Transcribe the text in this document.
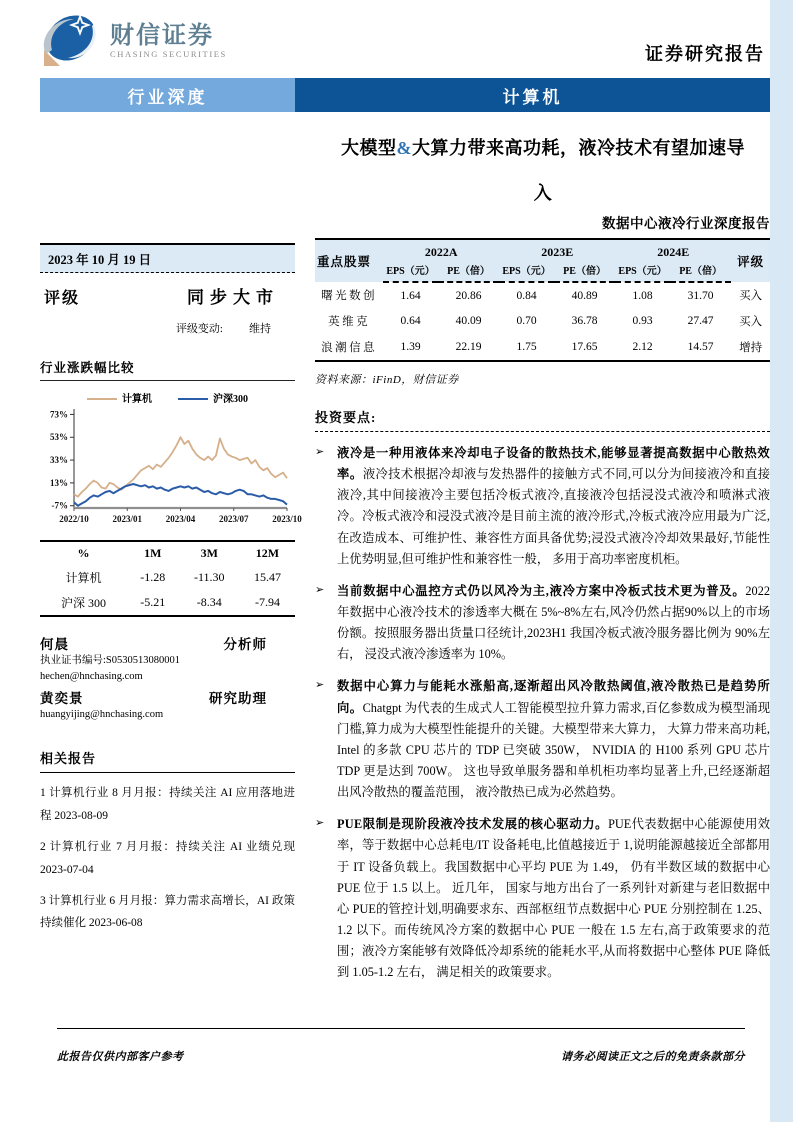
财信证券
CHASING SECURITIES	证券研究报告
行业深度	计算机
大模型&大算力带来高功耗，液冷技术有望加速导
入
数据中心液冷行业深度报告
2023 年 10 月 19 日
评级	同步大市
评级变动: 维持
行业涨跌幅比较
计算机	沪深300
-7%
13%
33%
53%
73%
2022/10	2023/01	2023/04	2023/07	2023/10
%	1M	3M	12M
计算机	-1.28	-11.30	15.47
沪深 300	-5.21	-8.34	-7.94
何晨	分析师
执业证书编号:S0530513080001
hechen@hnchasing.com
黄奕景	研究助理
huangyijing@hnchasing.com
相关报告
1 计算机行业 8 月月报：持续关注 AI 应用落地进程 2023-08-09
2 计算机行业 7 月月报：持续关注 AI 业绩兑现 2023-07-04
3 计算机行业 6 月月报：算力需求高增长，AI 政策持续催化 2023-06-08
重点股票	2022A		2023E		2024E		评级
	EPS（元）	PE（倍）	EPS（元）	PE（倍）	EPS（元）	PE（倍）	
曙光数创	1.64	20.86	0.84	40.89	1.08	31.70	买入
英维克	0.64	40.09	0.70	36.78	0.93	27.47	买入
浪潮信息	1.39	22.19	1.75	17.65	2.12	14.57	增持
资料来源：iFinD，财信证券
投资要点:
➢ 液冷是一种用液体来冷却电子设备的散热技术,能够显著提高数据中心散热效率。液冷技术根据冷却液与发热器件的接触方式不同,可以分为间接液冷和直接液冷,其中间接液冷主要包括冷板式液冷,直接液冷包括浸没式液冷和喷淋式液冷。冷板式液冷和浸没式液冷是目前主流的液冷形式,冷板式液冷应用最为广泛,在改造成本、可维护性、兼容性方面具备优势;浸没式液冷冷却效果最好,节能性上优势明显,但可维护性和兼容性一般， 多用于高功率密度机柜。
➢ 当前数据中心温控方式仍以风冷为主,液冷方案中冷板式技术更为普及。2022 年数据中心液冷技术的渗透率大概在 5%~8%左右,风冷仍然占据90%以上的市场份额。按照服务器出货量口径统计,2023H1 我国冷板式液冷服务器比例为 90%左右， 浸没式液冷渗透率为 10%。
➢ 数据中心算力与能耗水涨船高,逐渐超出风冷散热阈值,液冷散热已是趋势所向。Chatgpt 为代表的生成式人工智能模型拉升算力需求,百亿参数成为模型涌现门槛,算力成为大模型性能提升的关键。大模型带来大算力， 大算力带来高功耗, Intel 的多款 CPU 芯片的 TDP 已突破 350W， NVIDIA 的 H100 系列 GPU 芯片 TDP 更是达到 700W。 这也导致单服务器和单机柜功率均显著上升,已经逐渐超出风冷散热的覆盖范围， 液冷散热已成为必然趋势。
➢ PUE限制是现阶段液冷技术发展的核心驱动力。PUE代表数据中心能源使用效率，等于数据中心总耗电/IT 设备耗电,比值越接近于 1,说明能源越接近全部都用于 IT 设备负载上。我国数据中心平均 PUE 为 1.49， 仍有半数区域的数据中心 PUE 位于 1.5 以上。 近几年， 国家与地方出台了一系列针对新建与老旧数据中心 PUE的管控计划,明确要求东、西部枢纽节点数据中心 PUE 分别控制在 1.25、1.2 以下。而传统风冷方案的数据中心 PUE 一般在 1.5 左右,高于政策要求的范围；液冷方案能够有效降低冷却系统的能耗水平,从而将数据中心整体 PUE 降低到 1.05-1.2 左右， 满足相关的政策要求。
此报告仅供内部客户参考	请务必阅读正文之后的免责条款部分
